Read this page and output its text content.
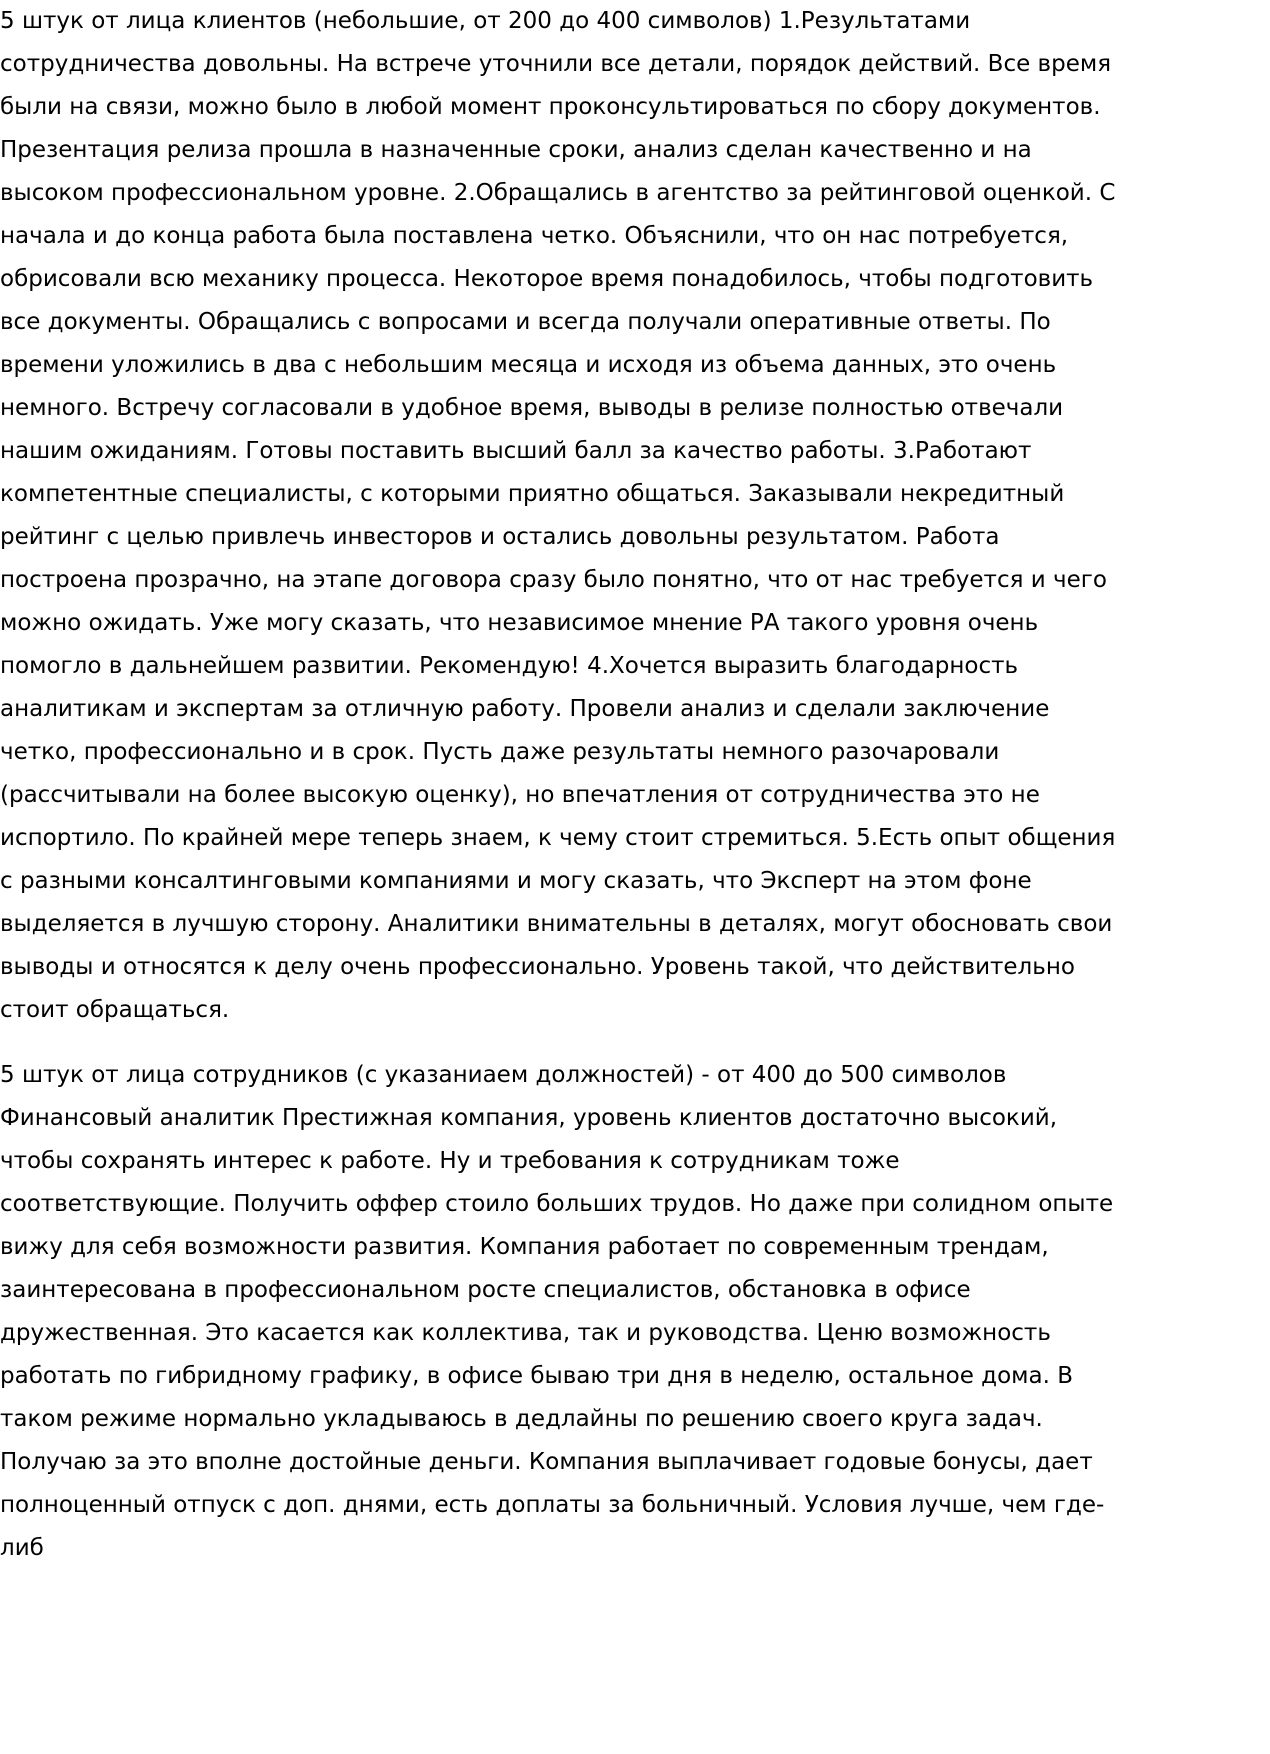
5 штук от лица клиентов (небольшие, от 200 до 400 символов) 1.Результатами

сотрудничества довольны. На встрече уточнили все детали, порядок действий. Все время

были на связи, можно было в любой момент проконсультироваться по сбору документов.

Презентация релиза прошла в назначенные сроки, анализ сделан качественно и на

высоком профессиональном уровне. 2.Обращались в агентство за рейтинговой оценкой. С

начала и до конца работа была поставлена четко. Объяснили, что он нас потребуется,

обрисовали всю механику процесса. Некоторое время понадобилось, чтобы подготовить

все документы. Обращались с вопросами и всегда получали оперативные ответы. По

времени уложились в два с небольшим месяца и исходя из объема данных, это очень

немного. Встречу согласовали в удобное время, выводы в релизе полностью отвечали

нашим ожиданиям. Готовы поставить высший балл за качество работы. 3.Работают

компетентные специалисты, с которыми приятно общаться. Заказывали некредитный

рейтинг с целью привлечь инвесторов и остались довольны результатом. Работа

построена прозрачно, на этапе договора сразу было понятно, что от нас требуется и чего

можно ожидать. Уже могу сказать, что независимое мнение РА такого уровня очень

помогло в дальнейшем развитии. Рекомендую! 4.Хочется выразить благодарность

аналитикам и экспертам за отличную работу. Провели анализ и сделали заключение

четко, профессионально и в срок. Пусть даже результаты немного разочаровали

(рассчитывали на более высокую оценку), но впечатления от сотрудничества это не

испортило. По крайней мере теперь знаем, к чему стоит стремиться. 5.Есть опыт общения

с разными консалтинговыми компаниями и могу сказать, что Эксперт на этом фоне

выделяется в лучшую сторону. Аналитики внимательны в деталях, могут обосновать свои

выводы и относятся к делу очень профессионально. Уровень такой, что действительно

стоит обращаться.

5 штук от лица сотрудников (с указаниаем должностей) - от 400 до 500 символов

Финансовый аналитик Престижная компания, уровень клиентов достаточно высокий,

чтобы сохранять интерес к работе. Ну и требования к сотрудникам тоже

соответствующие. Получить оффер стоило больших трудов. Но даже при солидном опыте

вижу для себя возможности развития. Компания работает по современным трендам,

заинтересована в профессиональном росте специалистов, обстановка в офисе

дружественная. Это касается как коллектива, так и руководства. Ценю возможность

работать по гибридному графику, в офисе бываю три дня в неделю, остальное дома. В

таком режиме нормально укладываюсь в дедлайны по решению своего круга задач.

Получаю за это вполне достойные деньги. Компания выплачивает годовые бонусы, дает

полноценный отпуск с доп. днями, есть доплаты за больничный. Условия лучше, чем где-

либ
